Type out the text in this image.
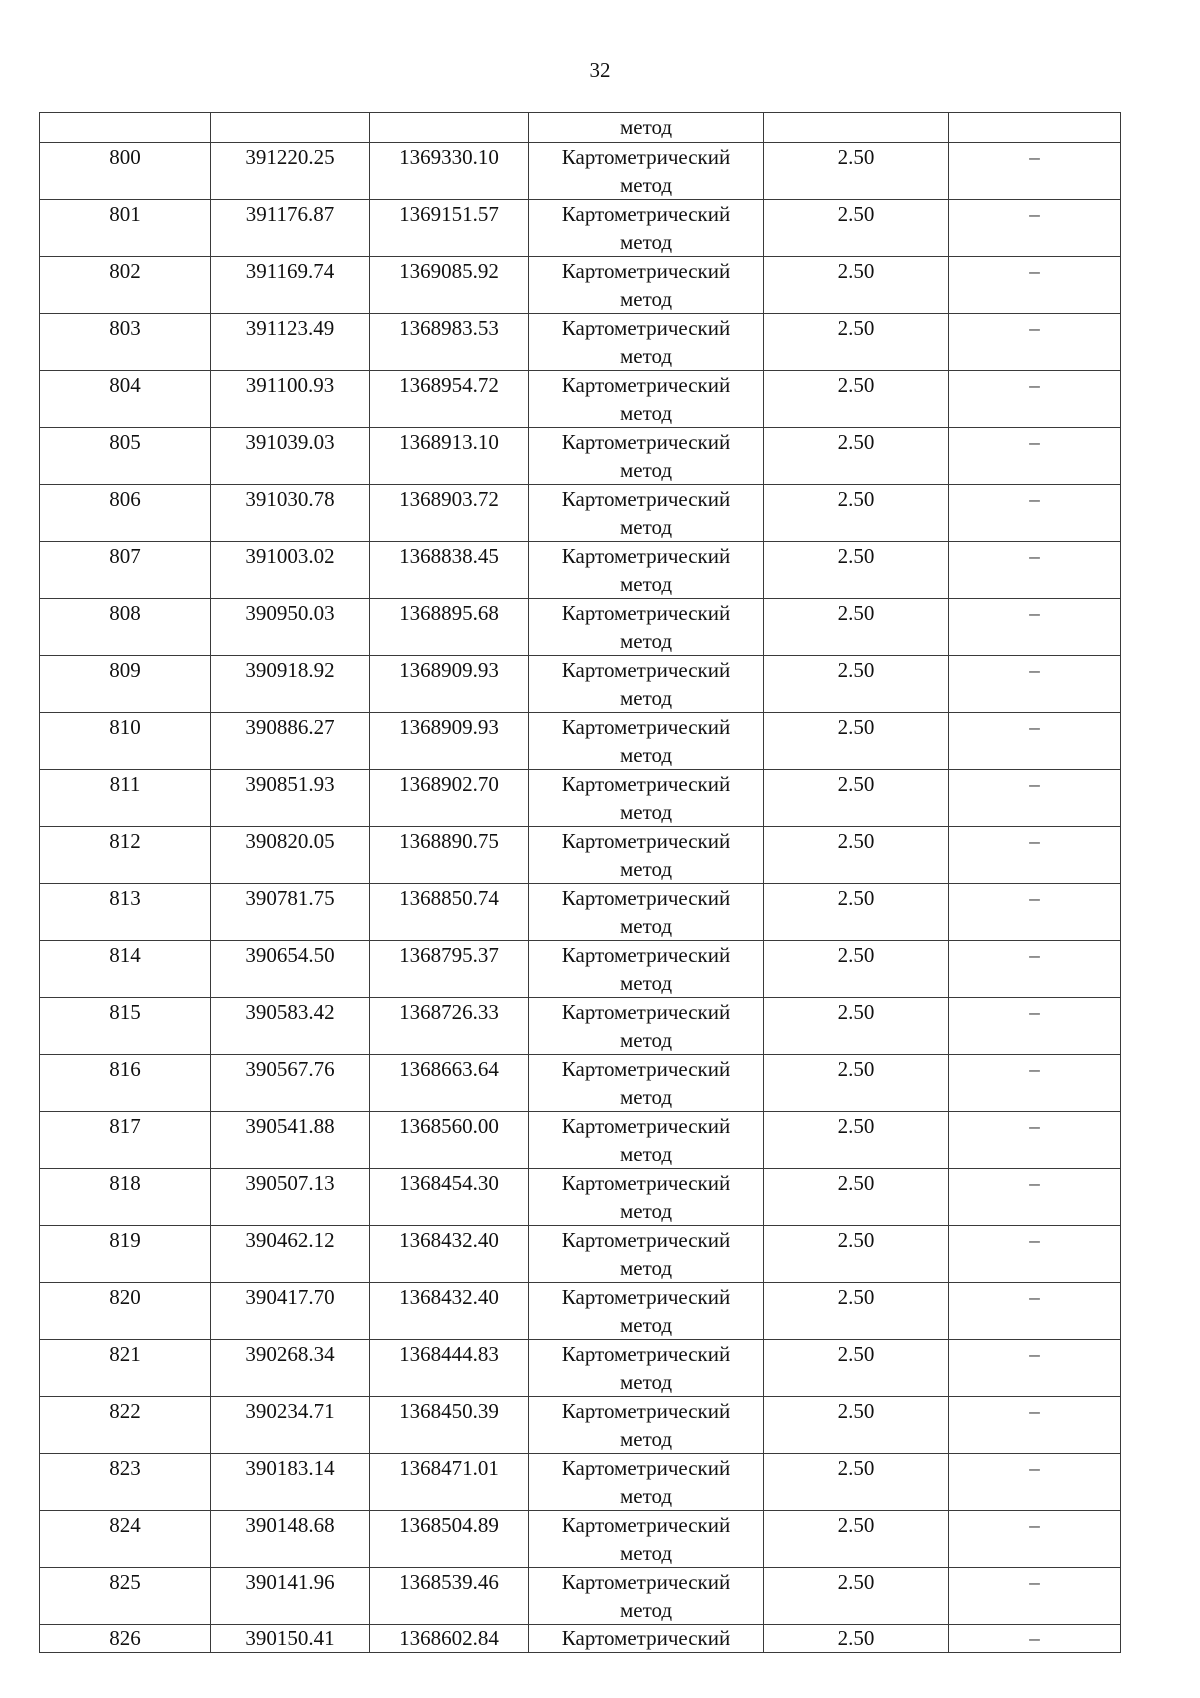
32

			метод		

800	391220.25	1369330.10	Картометрический
метод	2.50	–
801	391176.87	1369151.57	Картометрический
метод	2.50	–
802	391169.74	1369085.92	Картометрический
метод	2.50	–
803	391123.49	1368983.53	Картометрический
метод	2.50	–
804	391100.93	1368954.72	Картометрический
метод	2.50	–
805	391039.03	1368913.10	Картометрический
метод	2.50	–
806	391030.78	1368903.72	Картометрический
метод	2.50	–
807	391003.02	1368838.45	Картометрический
метод	2.50	–
808	390950.03	1368895.68	Картометрический
метод	2.50	–
809	390918.92	1368909.93	Картометрический
метод	2.50	–
810	390886.27	1368909.93	Картометрический
метод	2.50	–
811	390851.93	1368902.70	Картометрический
метод	2.50	–
812	390820.05	1368890.75	Картометрический
метод	2.50	–
813	390781.75	1368850.74	Картометрический
метод	2.50	–
814	390654.50	1368795.37	Картометрический
метод	2.50	–
815	390583.42	1368726.33	Картометрический
метод	2.50	–
816	390567.76	1368663.64	Картометрический
метод	2.50	–
817	390541.88	1368560.00	Картометрический
метод	2.50	–
818	390507.13	1368454.30	Картометрический
метод	2.50	–
819	390462.12	1368432.40	Картометрический
метод	2.50	–
820	390417.70	1368432.40	Картометрический
метод	2.50	–
821	390268.34	1368444.83	Картометрический
метод	2.50	–
822	390234.71	1368450.39	Картометрический
метод	2.50	–
823	390183.14	1368471.01	Картометрический
метод	2.50	–
824	390148.68	1368504.89	Картометрический
метод	2.50	–
825	390141.96	1368539.46	Картометрический
метод	2.50	–
826	390150.41	1368602.84	Картометрический	2.50	–
